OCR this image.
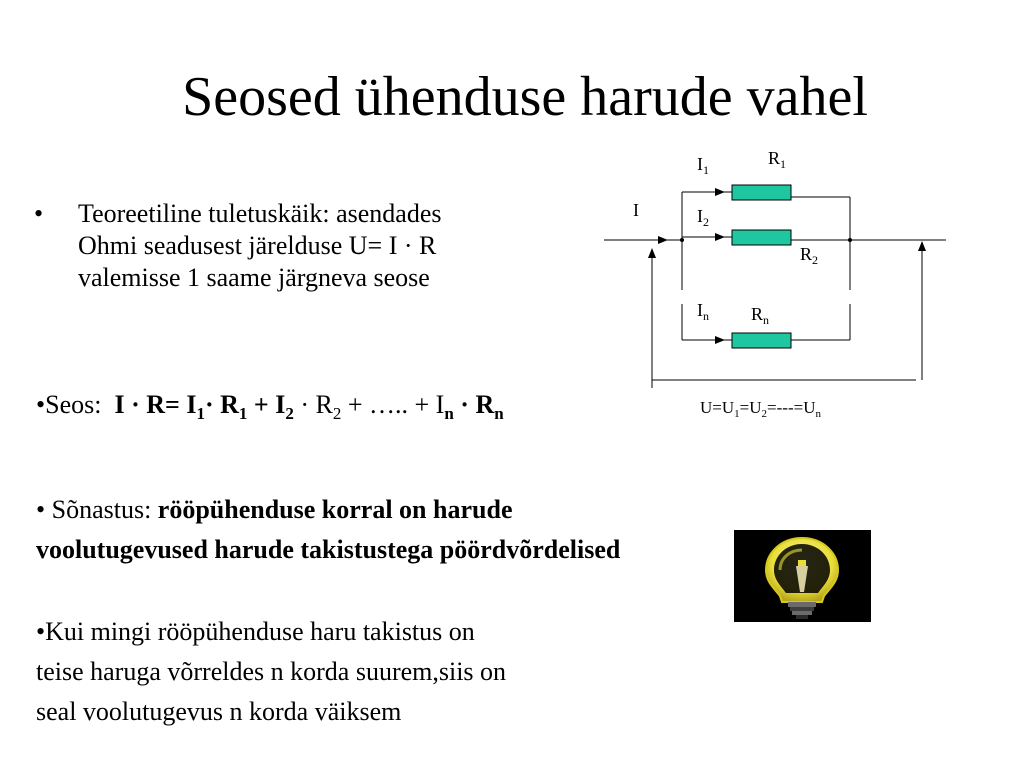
Seosed ühenduse harude vahel

• Teoreetiline tuletuskäik: asendades
Ohmi seadusest järelduse U= I · R
valemisse 1 saame järgneva seose

•Seos: $I \cdot R= I_1\cdot R_1 + I_2 \cdot R_2$ + ….. + $I_n \cdot R_n$

• Sõnastus: rööpühenduse korral on harude voolutugevused harude takistustega pöördvõrdelised

•Kui mingi rööpühenduse haru takistus on
teise haruga võrreldes n korda suurem,siis on
seal voolutugevus n korda väiksem

$I_1$
$R_1$
I	$I_2$
$R_2$
$I_n$ $R_n$
$U=U_1=U_2=---=U_n$
